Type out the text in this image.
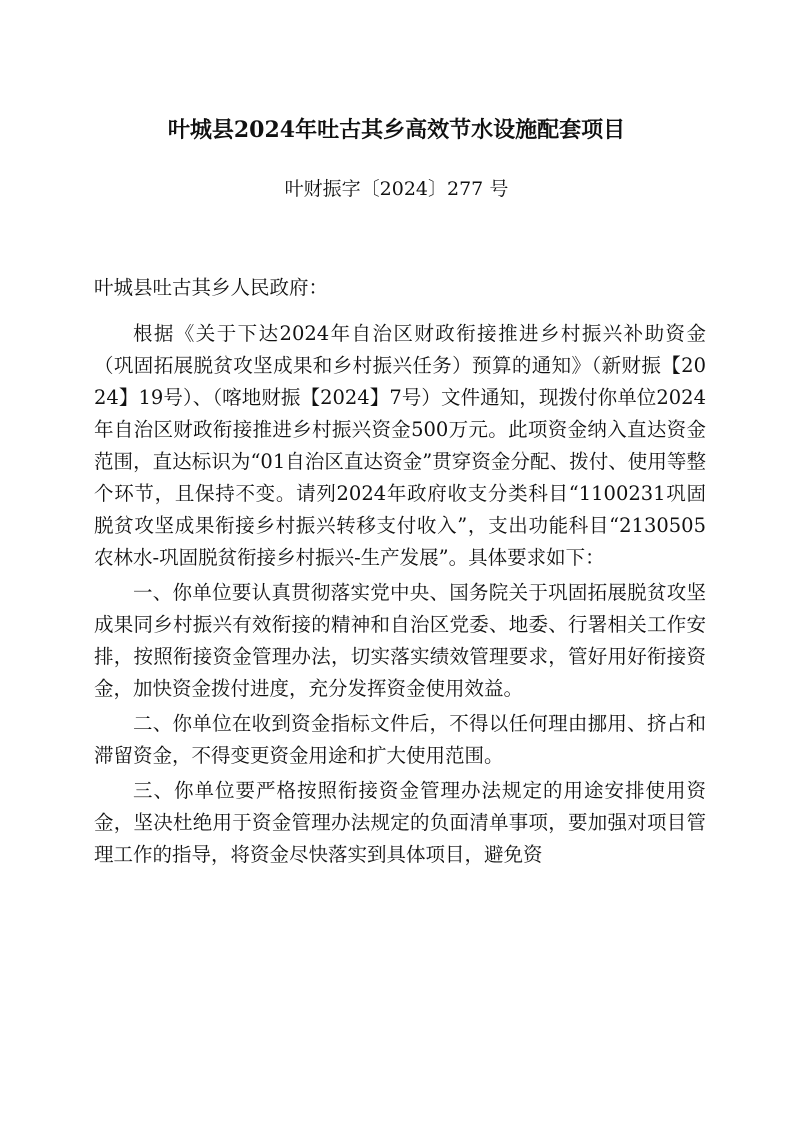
叶城县2024年吐古其乡高效节水设施配套项目
叶财振字〔2024〕277 号
叶城县吐古其乡人民政府：

根据《关于下达2024年自治区财政衔接推进乡村振兴补助资金（巩固拓展脱贫攻坚成果和乡村振兴任务）预算的通知》（新财振【2024】19号）、（喀地财振【2024】7号）文件通知，现拨付你单位2024年自治区财政衔接推进乡村振兴资金500万元。此项资金纳入直达资金范围，直达标识为“01自治区直达资金”贯穿资金分配、拨付、使用等整个环节，且保持不变。请列2024年政府收支分类科目“1100231巩固脱贫攻坚成果衔接乡村振兴转移支付收入”，支出功能科目“2130505农林水-巩固脱贫衔接乡村振兴-生产发展”。具体要求如下：

一、你单位要认真贯彻落实党中央、国务院关于巩固拓展脱贫攻坚成果同乡村振兴有效衔接的精神和自治区党委、地委、行署相关工作安排，按照衔接资金管理办法，切实落实绩效管理要求，管好用好衔接资金，加快资金拨付进度，充分发挥资金使用效益。

二、你单位在收到资金指标文件后，不得以任何理由挪用、挤占和滞留资金，不得变更资金用途和扩大使用范围。

三、你单位要严格按照衔接资金管理办法规定的用途安排使用资金，坚决杜绝用于资金管理办法规定的负面清单事项，要加强对项目管理工作的指导，将资金尽快落实到具体项目，避免资
